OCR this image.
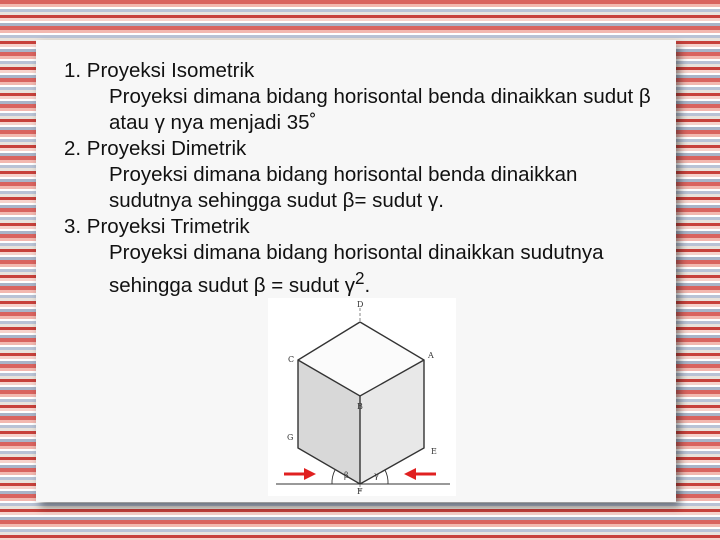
1. Proyeksi Isometrik

Proyeksi dimana bidang horisontal benda dinaikkan sudut β atau γ nya menjadi 35˚

2. Proyeksi Dimetrik

Proyeksi dimana bidang horisontal benda dinaikkan sudutnya sehingga sudut β= sudut γ.

3. Proyeksi Trimetrik

Proyeksi dimana bidang horisontal dinaikkan sudutnya sehingga sudut β = sudut $\gamma^2$.

D
C	A
B
G
E
F
β	γ
